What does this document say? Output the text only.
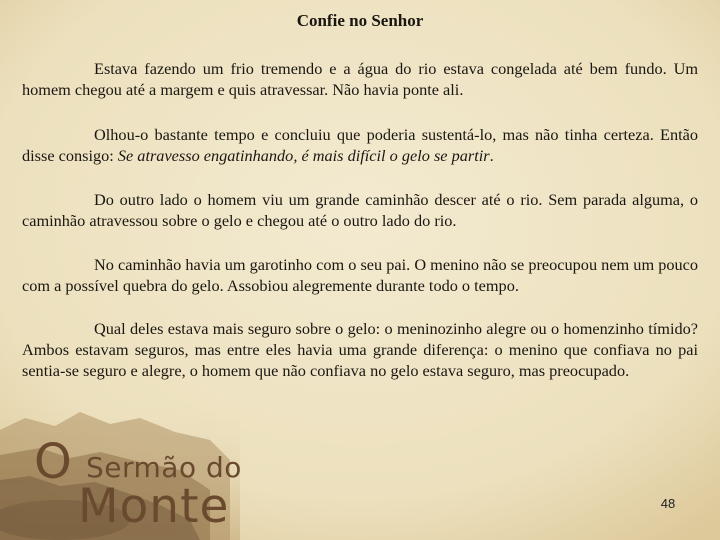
Confie no Senhor

Estava fazendo um frio tremendo e a água do rio estava congelada até bem fundo. Um homem chegou até a margem e quis atravessar. Não havia ponte ali.

Olhou-o bastante tempo e concluiu que poderia sustentá-lo, mas não tinha certeza. Então disse consigo: Se atravesso engatinhando, é mais difícil o gelo se partir.

Do outro lado o homem viu um grande caminhão descer até o rio. Sem parada alguma, o caminhão atravessou sobre o gelo e chegou até o outro lado do rio.

No caminhão havia um garotinho com o seu pai. O menino não se preocupou nem um pouco com a possível quebra do gelo. Assobiou alegremente durante todo o tempo.

Qual deles estava mais seguro sobre o gelo: o meninozinho alegre ou o homenzinho tímido? Ambos estavam seguros, mas entre eles havia uma grande diferença: o menino que confiava no pai sentia-se seguro e alegre, o homem que não confiava no gelo estava seguro, mas preocupado.

O Sermão do
Monte	48
